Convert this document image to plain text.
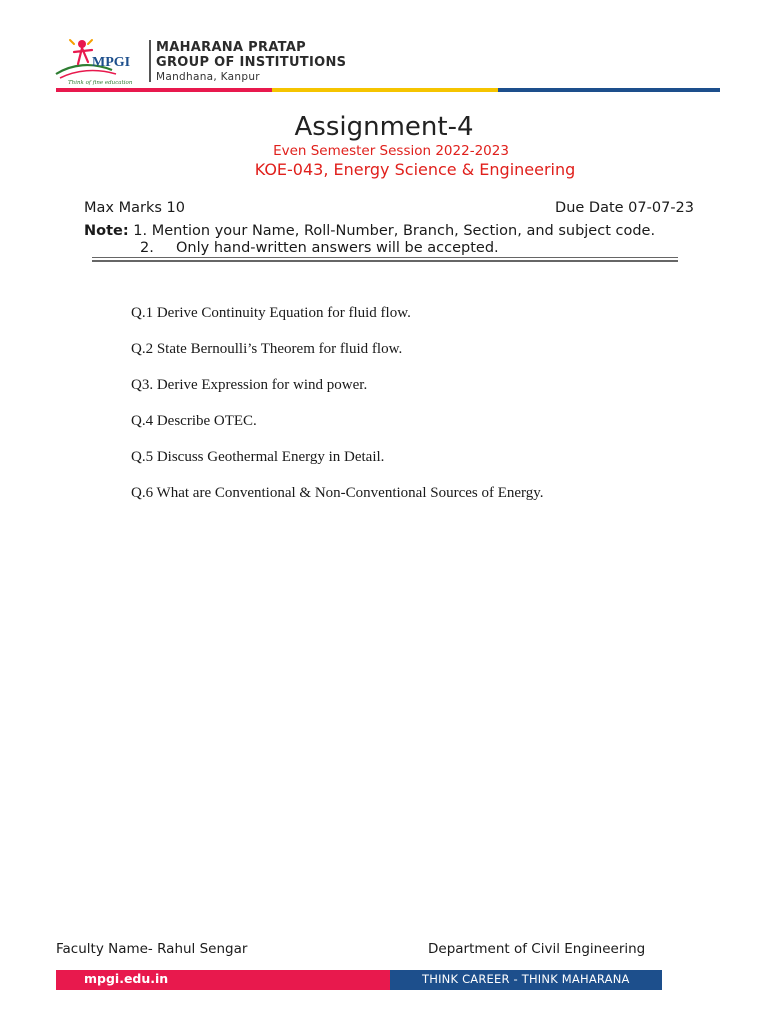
MPGI
Think of fine education
MAHARANA PRATAP
GROUP OF INSTITUTIONS
Mandhana, Kanpur
Assignment-4
Even Semester Session 2022-2023
KOE-043, Energy Science & Engineering
Max Marks 10	Due Date 07-07-23
Note: 1. Mention your Name, Roll-Number, Branch, Section, and subject code.
2. Only hand-written answers will be accepted.
Q.1 Derive Continuity Equation for fluid flow.
Q.2 State Bernoulli’s Theorem for fluid flow.
Q3. Derive Expression for wind power.
Q.4 Describe OTEC.
Q.5 Discuss Geothermal Energy in Detail.
Q.6 What are Conventional & Non-Conventional Sources of Energy.
Faculty Name- Rahul Sengar	Department of Civil Engineering
mpgi.edu.in	THINK CAREER - THINK MAHARANA
